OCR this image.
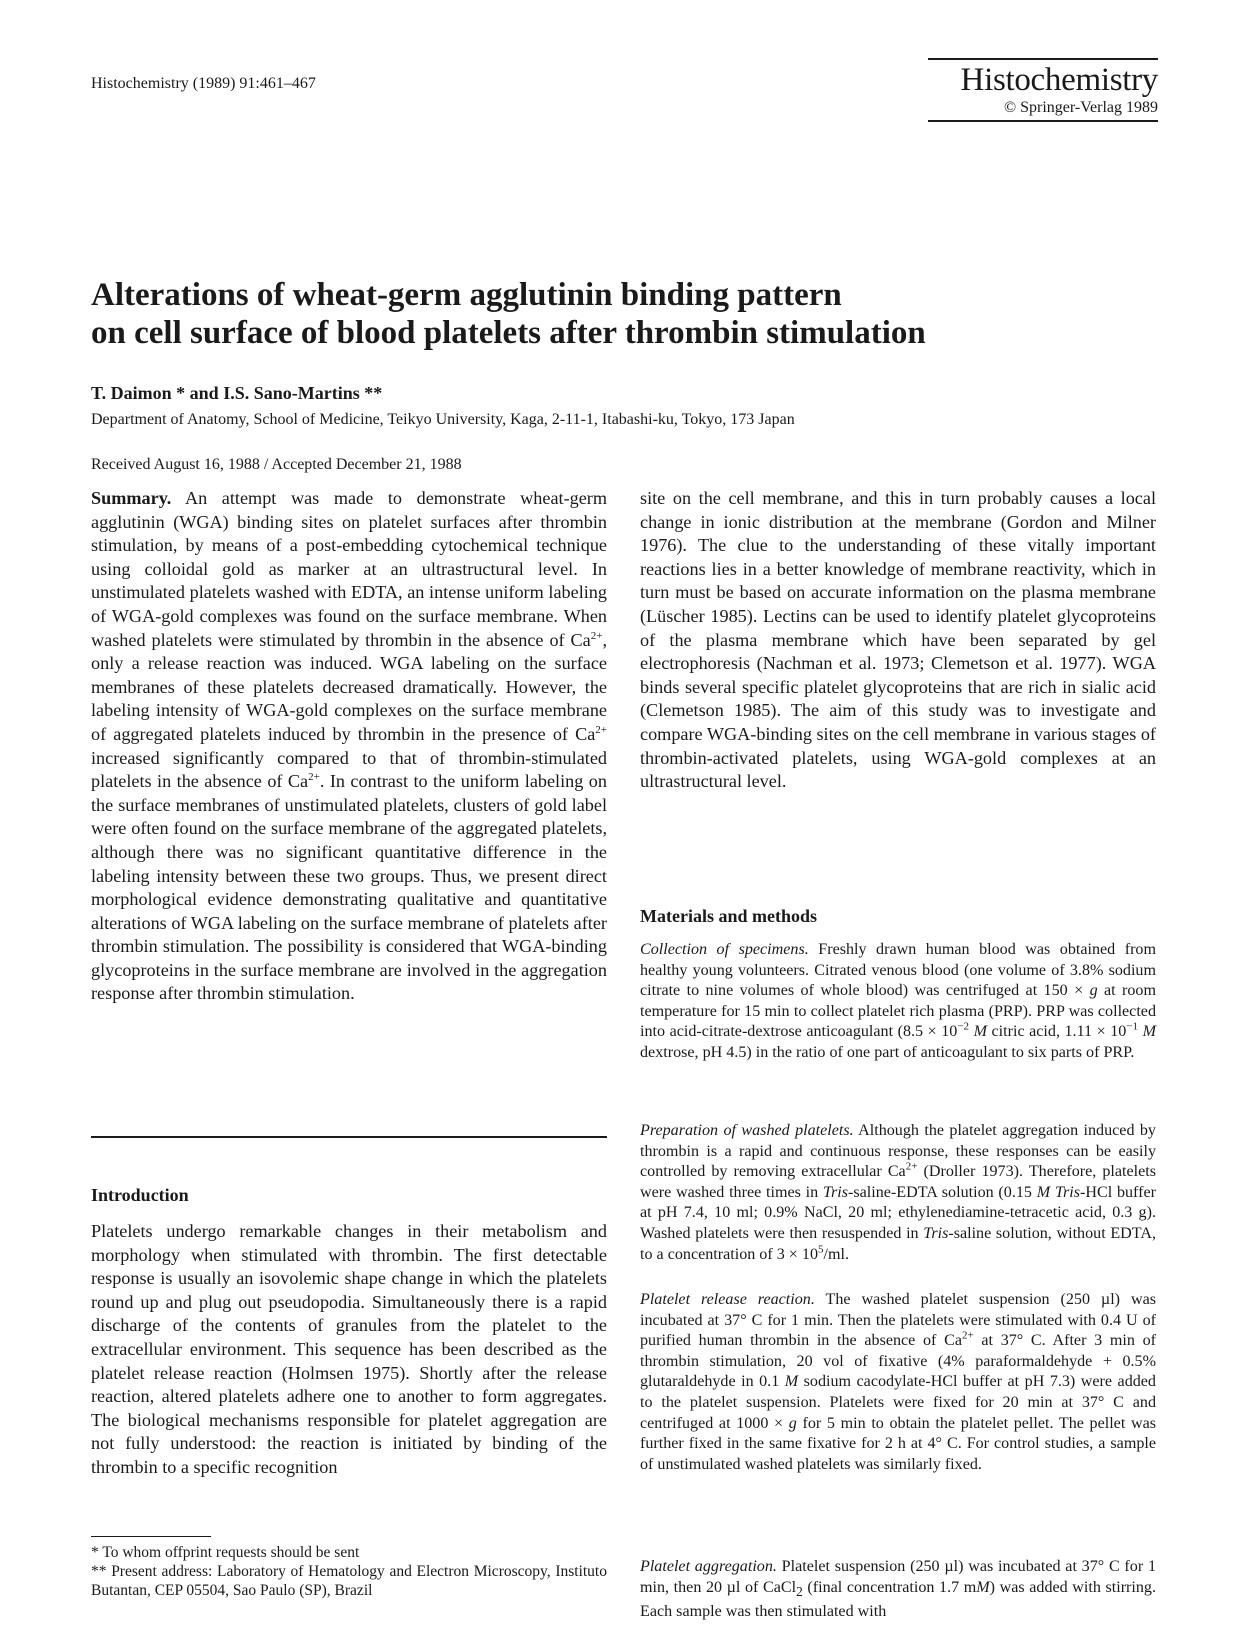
Histochemistry (1989) 91:461–467	Histochemistry
© Springer-Verlag 1989
Alterations of wheat-germ agglutinin binding pattern
on cell surface of blood platelets after thrombin stimulation
T. Daimon * and I.S. Sano-Martins **
Department of Anatomy, School of Medicine, Teikyo University, Kaga, 2-11-1, Itabashi-ku, Tokyo, 173 Japan
Received August 16, 1988 / Accepted December 21, 1988

Summary. An attempt was made to demonstrate wheat-germ agglutinin (WGA) binding sites on platelet surfaces after thrombin stimulation, by means of a post-embedding cytochemical technique using colloidal gold as marker at an ultrastructural level. In unstimulated platelets washed with EDTA, an intense uniform labeling of WGA-gold complexes was found on the surface membrane. When washed platelets were stimulated by thrombin in the absence of $Ca^{2+}$, only a release reaction was induced. WGA labeling on the surface membranes of these platelets decreased dramatically. However, the labeling intensity of WGA-gold complexes on the surface membrane of aggregated platelets induced by thrombin in the presence of $Ca^{2+}$ increased significantly compared to that of thrombin-stimulated platelets in the absence of $Ca^{2+}$. In contrast to the uniform labeling on the surface membranes of unstimulated platelets, clusters of gold label were often found on the surface membrane of the aggregated platelets, although there was no significant quantitative difference in the labeling intensity between these two groups. Thus, we present direct morphological evidence demonstrating qualitative and quantitative alterations of WGA labeling on the surface membrane of platelets after thrombin stimulation. The possibility is considered that WGA-binding glycoproteins in the surface membrane are involved in the aggregation response after thrombin stimulation.

Introduction

Platelets undergo remarkable changes in their metabolism and morphology when stimulated with thrombin. The first detectable response is usually an isovolemic shape change in which the platelets round up and plug out pseudopodia. Simultaneously there is a rapid discharge of the contents of granules from the platelet to the extracellular environment. This sequence has been described as the platelet release reaction (Holmsen 1975). Shortly after the release reaction, altered platelets adhere one to another to form aggregates. The biological mechanisms responsible for platelet aggregation are not fully understood: the reaction is initiated by binding of the thrombin to a specific recognition

* To whom offprint requests should be sent

** Present address: Laboratory of Hematology and Electron Microscopy, Instituto Butantan, CEP 05504, Sao Paulo (SP), Brazil

site on the cell membrane, and this in turn probably causes a local change in ionic distribution at the membrane (Gordon and Milner 1976). The clue to the understanding of these vitally important reactions lies in a better knowledge of membrane reactivity, which in turn must be based on accurate information on the plasma membrane (Lüscher 1985). Lectins can be used to identify platelet glycoproteins of the plasma membrane which have been separated by gel electrophoresis (Nachman et al. 1973; Clemetson et al. 1977). WGA binds several specific platelet glycoproteins that are rich in sialic acid (Clemetson 1985). The aim of this study was to investigate and compare WGA-binding sites on the cell membrane in various stages of thrombin-activated platelets, using WGA-gold complexes at an ultrastructural level.

Materials and methods

Collection of specimens. Freshly drawn human blood was obtained from healthy young volunteers. Citrated venous blood (one volume of 3.8% sodium citrate to nine volumes of whole blood) was centrifuged at 150 × g at room temperature for 15 min to collect platelet rich plasma (PRP). PRP was collected into acid-citrate-dextrose anticoagulant ($8.5 \times 10^{-2}$ M citric acid, $1.11 \times 10^{-1}$ M dextrose, pH 4.5) in the ratio of one part of anticoagulant to six parts of PRP.

Preparation of washed platelets. Although the platelet aggregation induced by thrombin is a rapid and continuous response, these responses can be easily controlled by removing extracellular $Ca^{2+}$ (Droller 1973). Therefore, platelets were washed three times in Tris-saline-EDTA solution (0.15 M Tris-HCl buffer at pH 7.4, 10 ml; 0.9% NaCl, 20 ml; ethylenediamine-tetracetic acid, 0.3 g). Washed platelets were then resuspended in Tris-saline solution, without EDTA, to a concentration of $3 \times 10^5/ml$.

Platelet release reaction. The washed platelet suspension (250 µl) was incubated at 37° C for 1 min. Then the platelets were stimulated with 0.4 U of purified human thrombin in the absence of $Ca^{2+}$ at 37° C. After 3 min of thrombin stimulation, 20 vol of fixative (4% paraformaldehyde + 0.5% glutaraldehyde in 0.1 M sodium cacodylate-HCl buffer at pH 7.3) were added to the platelet suspension. Platelets were fixed for 20 min at 37° C and centrifuged at 1000 × g for 5 min to obtain the platelet pellet. The pellet was further fixed in the same fixative for 2 h at 4° C. For control studies, a sample of unstimulated washed platelets was similarly fixed.

Platelet aggregation. Platelet suspension (250 µl) was incubated at 37° C for 1 min, then 20 µl of CaCl$_2$ (final concentration 1.7 mM) was added with stirring. Each sample was then stimulated with
